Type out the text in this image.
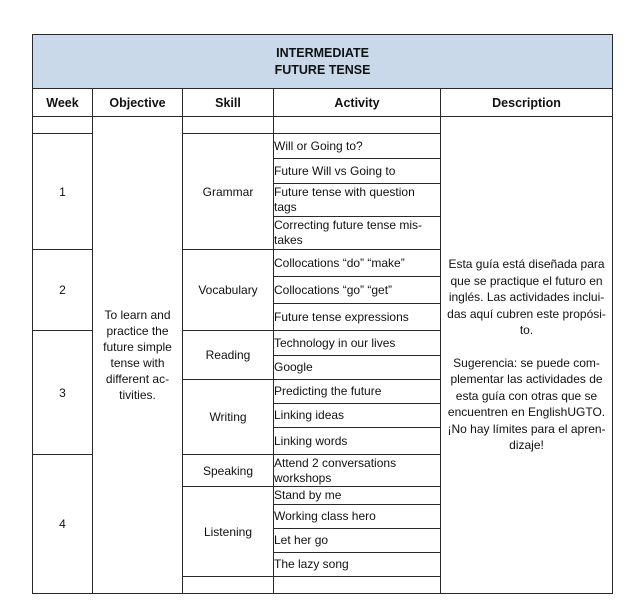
INTERMEDIATE
FUTURE TENSE				

Week	Objective	Skill	Activity	Description
	To learn and practice the future simple tense with different ac-tivities.			Esta guía está diseñada para que se practique el futuro en inglés. Las actividades inclui-das aquí cubren este propósi-to.
Sugerencia: se puede com-plementar las actividades de esta guía con otras que se encuentren en EnglishUGTO. ¡No hay límites para el apren-dizaje!

1		Grammar	Will or Going to?	
			Future Will vs Going to	
			Future tense with question tags	
			Correcting future tense mis-takes	
2		Vocabulary	Collocations “do” “make”	
			Collocations “go” “get”	
			Future tense expressions	
3		Reading	Technology in our lives	
			Google	
		Writing	Predicting the future	
			Linking ideas	
			Linking words	
4		Speaking	Attend 2 conversations workshops	
		Listening	Stand by me	
			Working class hero	
			Let her go	
			The lazy song	
